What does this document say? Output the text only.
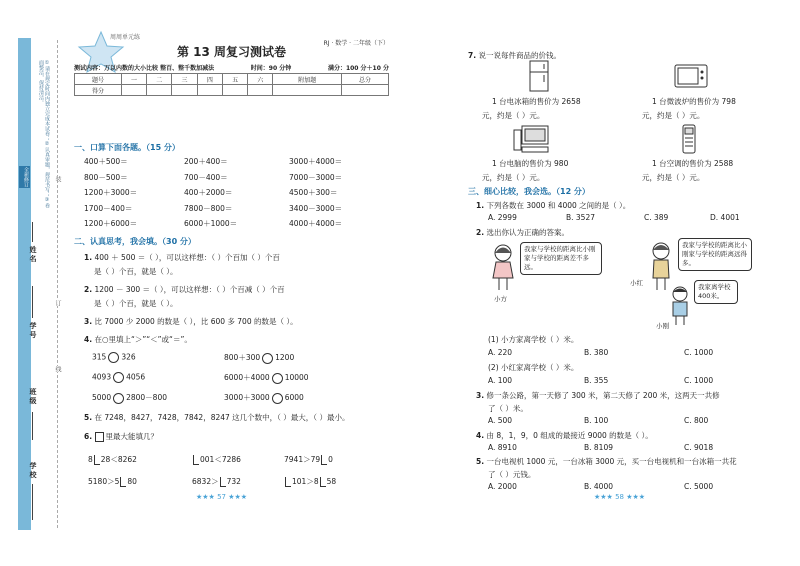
①请在规定时间内独立完成本试卷；②认真审题，规范书写；③卷面整洁，保持清洁。
全新修订	装
订
线
姓名
学号
班级
学校
周周单元练
RJ · 数学 · 二年级（下）
第 13 周复习测试卷
测试内容：万以内数的大小比较 整百、整千数加减法	时间：90 分钟	满分：100 分＋10 分
题号	一	二	三	四	五	六	附加题	总分
得分								
一、口算下面各题。（15 分）
400＋500＝	200＋400＝	3000＋4000＝
800－500＝	700－400＝	7000－3000＝
1200＋3000＝	400＋2000＝	4500＋300＝
1700－400＝	7800－800＝	3400－3000＝
1200＋6000＝	6000＋1000＝	4000＋4000＝
二、认真思考，我会填。（30 分）
1. 400 ＋ 500 ＝（ ），可以这样想：（ ）个百加（ ）个百
是（ ）个百，就是（ ）。
2. 1200 － 300 ＝（ ），可以这样想：（ ）个百减（ ）个百
是（ ）个百，就是（ ）。
3. 比 7000 少 2000 的数是（ ），比 600 多 700 的数是（ ）。
4. 在○里填上“＞”“＜”或“＝”。
315 326	800＋300 1200
4093 4056	6000＋4000 10000
5000 2800－800	3000＋3000 6000
5. 在 7248，8427，7428，7842，8247 这几个数中，（ ）最大，（ ）最小。
6. 里最大能填几？
8 28＜8262	001＜7286	7941＞79 0
5180＞5 80	6832＞ 732	101＞8 58
★★★ 57 ★★★
7. 说一说每件商品的价钱。
1 台电冰箱的售价为 2658
元，约是（ ）元。
1 台微波炉的售价为 798
元，约是（ ）元。
1 台电脑的售价为 980
元，约是（ ）元。
1 台空调的售价为 2588
元，约是（ ）元。
三、细心比较，我会选。（12 分）
1. 下列各数在 3000 和 4000 之间的是（ ）。
A. 2999	B. 3527	C. 389	D. 4001
2. 选出你认为正确的答案。
小方
我家与学校的距离比小刚家与学校的距离差不多远。
小红
我家与学校的距离比小刚家与学校的距离远得多。
小刚
我家离学校400米。
(1) 小方家离学校（ ）米。
A. 220	B. 380	C. 1000
(2) 小红家离学校（ ）米。
A. 100	B. 355	C. 1000
3. 修一条公路，第一天修了 300 米，第二天修了 200 米，这两天一共修
了（ ）米。
A. 500	B. 100	C. 800
4. 由 8，1，9，0 组成的最接近 9000 的数是（ ）。
A. 8910	B. 8109	C. 9018
5. 一台电视机 1000 元，一台冰箱 3000 元，买一台电视机和一台冰箱一共花
了（ ）元钱。
A. 2000	B. 4000	C. 5000
★★★ 58 ★★★
